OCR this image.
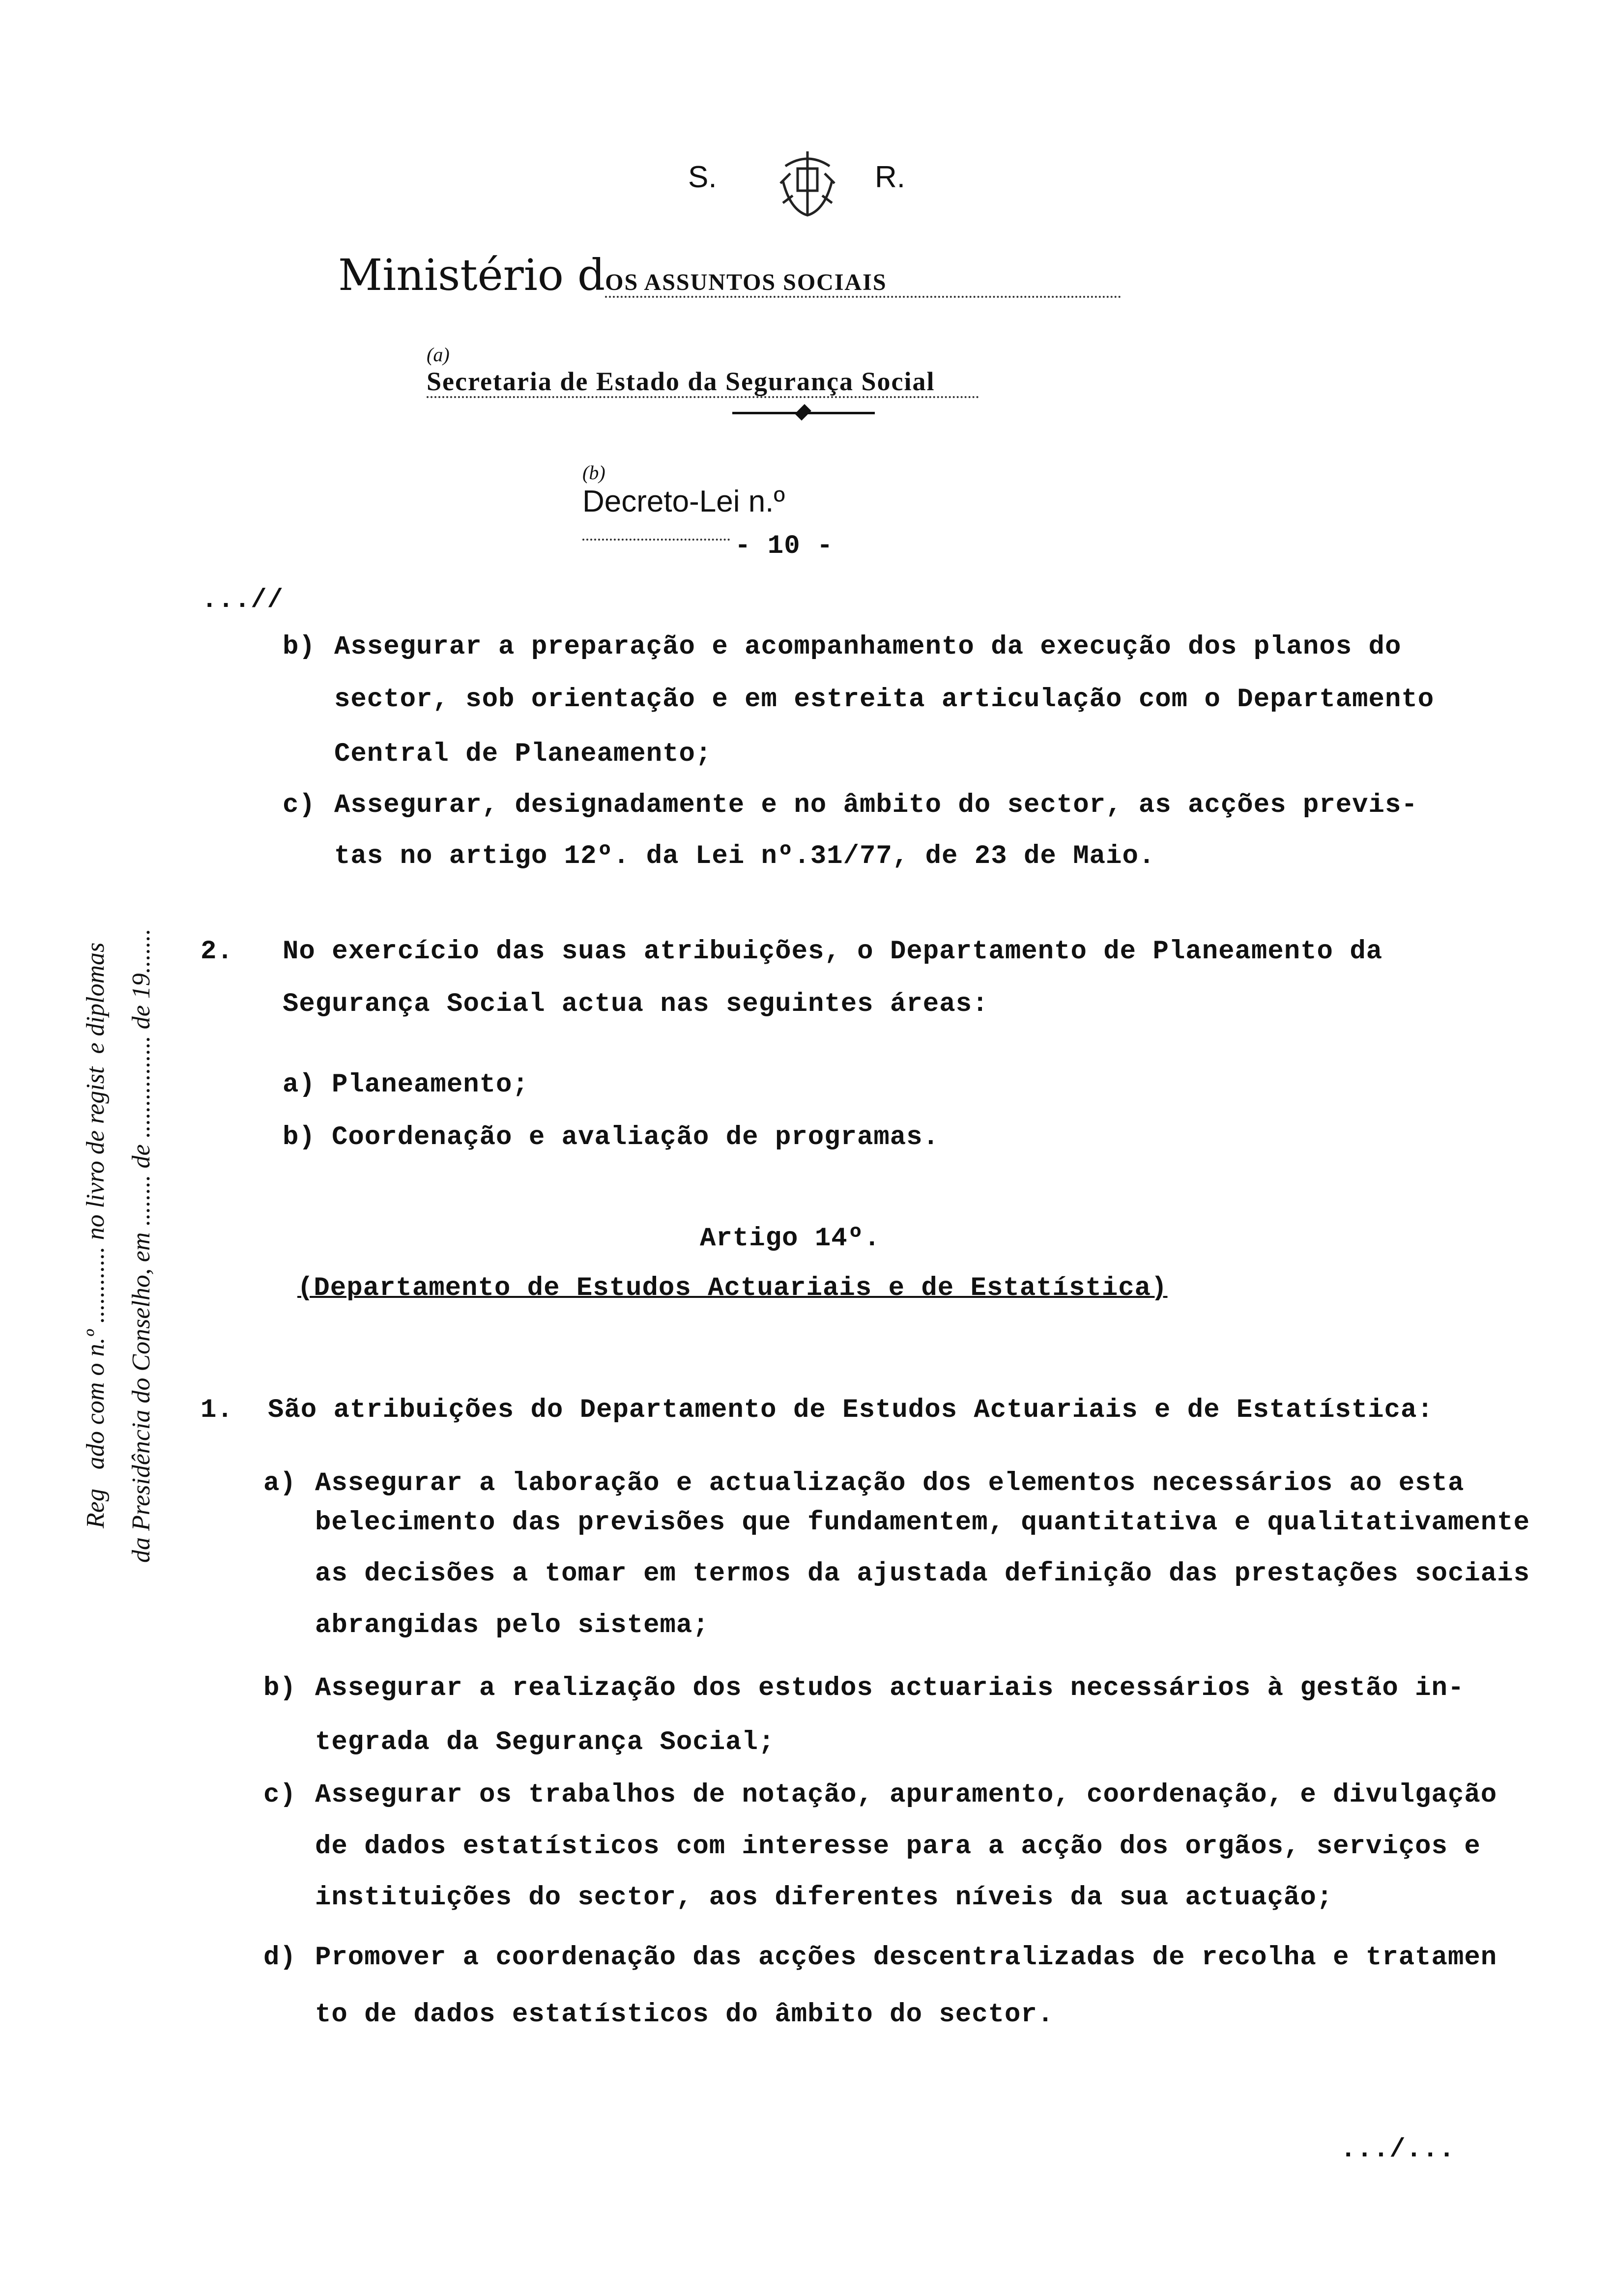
S.

	R.

Ministério dOS ASSUNTOS SOCIAIS

(a)
Secretaria de Estado da Segurança Social

(b)
Decreto-Lei n.º

- 10 -
...//
Reg   ado com o n.º ............ no livro de regist  e diplomas da Presidência do Conselho, em ........ de ................ de 19.......
b) Assegurar a preparação e acompanhamento da execução dos planos do
sector, sob orientação e em estreita articulação com o Departamento
Central de Planeamento;
c) Assegurar, designadamente e no âmbito do sector, as acções previs-
tas no artigo 12º. da Lei nº.31/77, de 23 de Maio.
2. No exercício das suas atribuições, o Departamento de Planeamento da
Segurança Social actua nas seguintes áreas:
a) Planeamento;
b) Coordenação e avaliação de programas.
Artigo 14º.
(Departamento de Estudos Actuariais e de Estatística)
1. São atribuições do Departamento de Estudos Actuariais e de Estatística:
a) Assegurar a laboração e actualização dos elementos necessários ao esta
belecimento das previsões que fundamentem, quantitativa e qualitativamente
as decisões a tomar em termos da ajustada definição das prestações sociais
abrangidas pelo sistema;
b) Assegurar a realização dos estudos actuariais necessários à gestão in-
tegrada da Segurança Social;
c) Assegurar os trabalhos de notação, apuramento, coordenação, e divulgação
de dados estatísticos com interesse para a acção dos orgãos, serviços e
instituições do sector, aos diferentes níveis da sua actuação;
d) Promover a coordenação das acções descentralizadas de recolha e tratamen
to de dados estatísticos do âmbito do sector.
.../...
